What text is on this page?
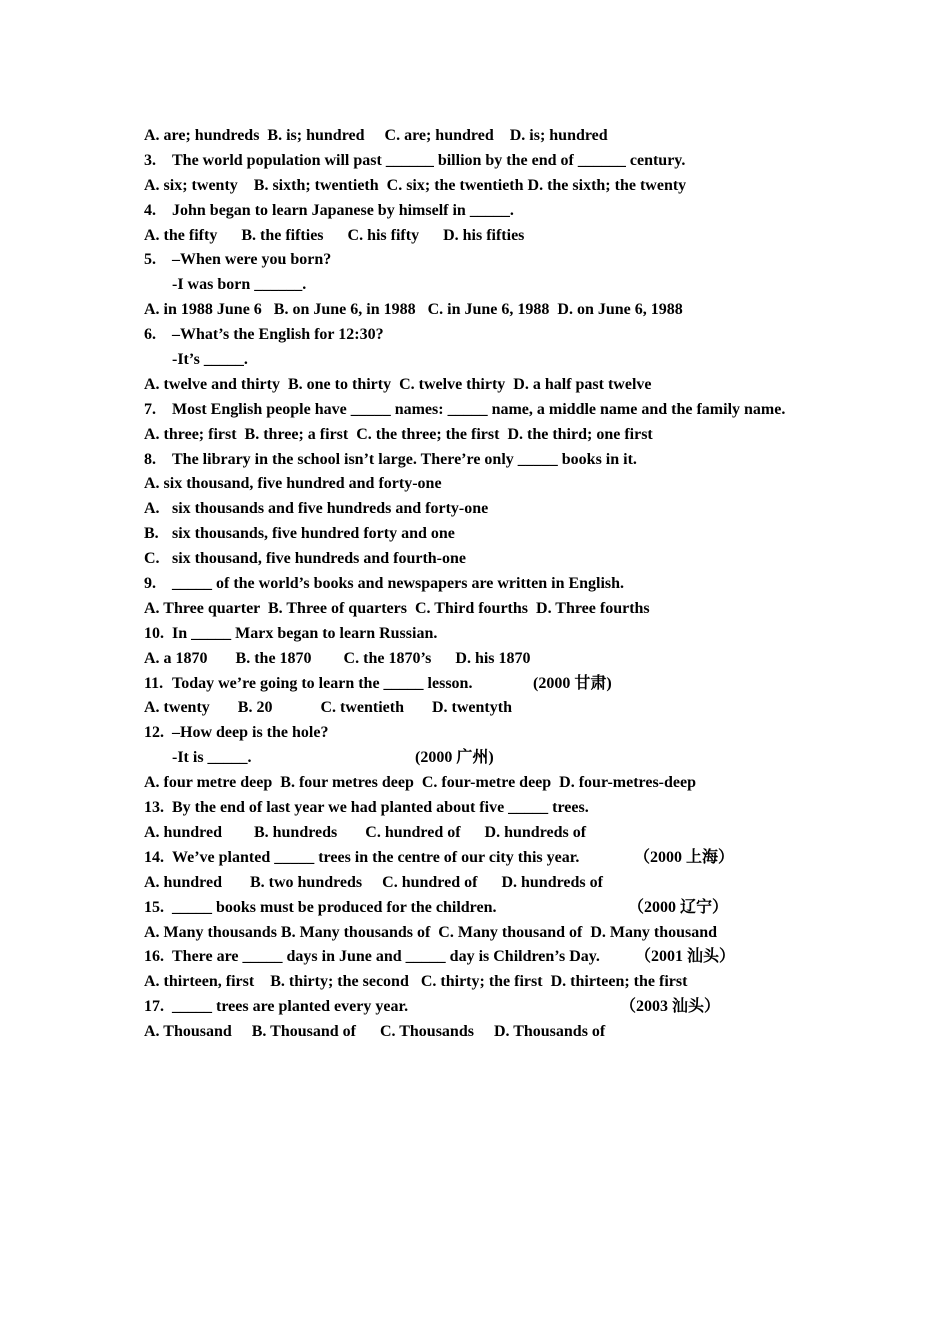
A. are; hundreds  B. is; hundred     C. are; hundred    D. is; hundred
3.	The world population will past ______ billion by the end of ______ century.
A. six; twenty    B. sixth; twentieth  C. six; the twentieth D. the sixth; the twenty
4.	John began to learn Japanese by himself in _____.
A. the fifty      B. the fifties      C. his fifty      D. his fifties
5.	–When were you born?
-I was born ______.
A. in 1988 June 6   B. on June 6, in 1988   C. in June 6, 1988  D. on June 6, 1988
6.	–What’s the English for 12:30?
-It’s _____.
A. twelve and thirty  B. one to thirty  C. twelve thirty  D. a half past twelve
7.	Most English people have _____ names: _____ name, a middle name and the family name.
A. three; first  B. three; a first  C. the three; the first  D. the third; one first
8.	The library in the school isn’t large. There’re only _____ books in it.
A. six thousand, five hundred and forty-one
A. six thousands and five hundreds and forty-one
B. six thousands, five hundred forty and one
C. six thousand, five hundreds and fourth-one
9.	_____ of the world’s books and newspapers are written in English.
A. Three quarter  B. Three of quarters  C. Third fourths  D. Three fourths
10. In _____ Marx began to learn Russian.
A. a 1870       B. the 1870        C. the 1870’s      D. his 1870
11. Today we’re going to learn the _____ lesson.	(2000 甘肃)
A. twenty       B. 20            C. twentieth       D. twentyth
12. –How deep is the hole?
-It is _____.	(2000 广州)
A. four metre deep  B. four metres deep  C. four-metre deep  D. four-metres-deep
13. By the end of last year we had planted about five _____ trees.
A. hundred        B. hundreds       C. hundred of      D. hundreds of
14. We’ve planted _____ trees in the centre of our city this year.	（2000 上海）
A. hundred       B. two hundreds     C. hundred of      D. hundreds of
15. _____ books must be produced for the children.	（2000 辽宁）
A. Many thousands B. Many thousands of  C. Many thousand of  D. Many thousand
16. There are _____ days in June and _____ day is Children’s Day. （2001 汕头）
A. thirteen, first    B. thirty; the second   C. thirty; the first  D. thirteen; the first
17. _____ trees are planted every year.	（2003 汕头）
A. Thousand     B. Thousand of      C. Thousands     D. Thousands of
